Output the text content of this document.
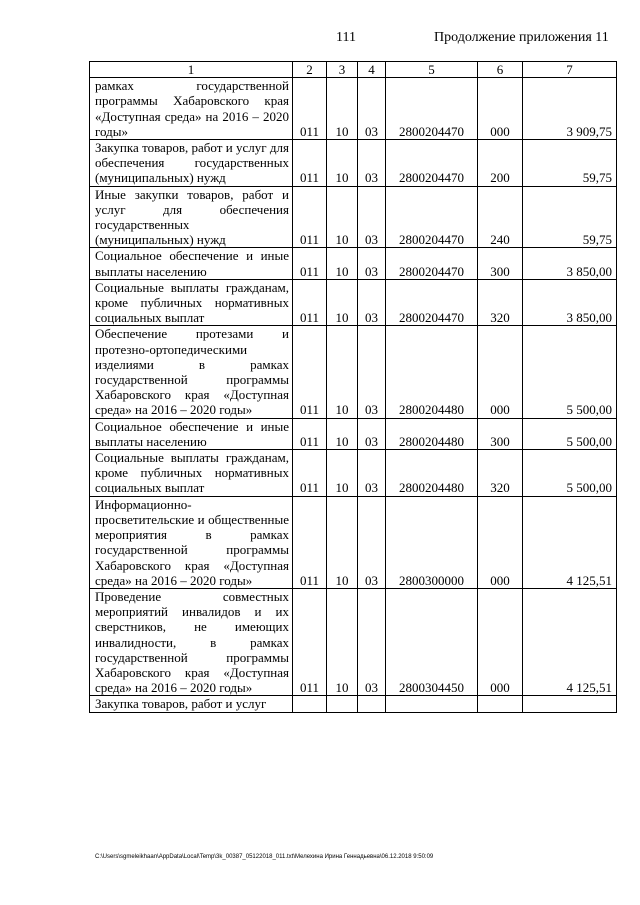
111	Продолжение приложения 11
1	2	3	4	5	6	7
рамках государственной программы Хабаровского края «Доступная среда» на 2016 – 2020 годы»	011	10	03	2800204470	000	3 909,75
Закупка товаров, работ и услуг для обеспечения государственных (муниципальных) нужд	011	10	03	2800204470	200	59,75
Иные закупки товаров, работ и услуг для обеспечения государственных (муниципальных) нужд	011	10	03	2800204470	240	59,75
Социальное обеспечение и иные выплаты населению	011	10	03	2800204470	300	3 850,00
Социальные выплаты гражданам, кроме публичных нормативных социальных выплат	011	10	03	2800204470	320	3 850,00
Обеспечение протезами и протезно-ортопедическими изделиями в рамках государственной программы Хабаровского края «Доступная среда» на 2016 – 2020 годы»	011	10	03	2800204480	000	5 500,00
Социальное обеспечение и иные выплаты населению	011	10	03	2800204480	300	5 500,00
Социальные выплаты гражданам, кроме публичных нормативных социальных выплат	011	10	03	2800204480	320	5 500,00
Информационно-просветительские и общественные мероприятия в рамках государственной программы Хабаровского края «Доступная среда» на 2016 – 2020 годы»	011	10	03	2800300000	000	4 125,51
Проведение совместных мероприятий инвалидов и их сверстников, не имеющих инвалидности, в рамках государственной программы Хабаровского края «Доступная среда» на 2016 – 2020 годы»	011	10	03	2800304450	000	4 125,51
Закупка товаров, работ и услуг						
C:\Users\sgmeleikhaan\AppData\Local\Temp\3k_00387_05122018_011.txt\Мелехина Ирина Геннадьевна\06.12.2018 9:50:09
